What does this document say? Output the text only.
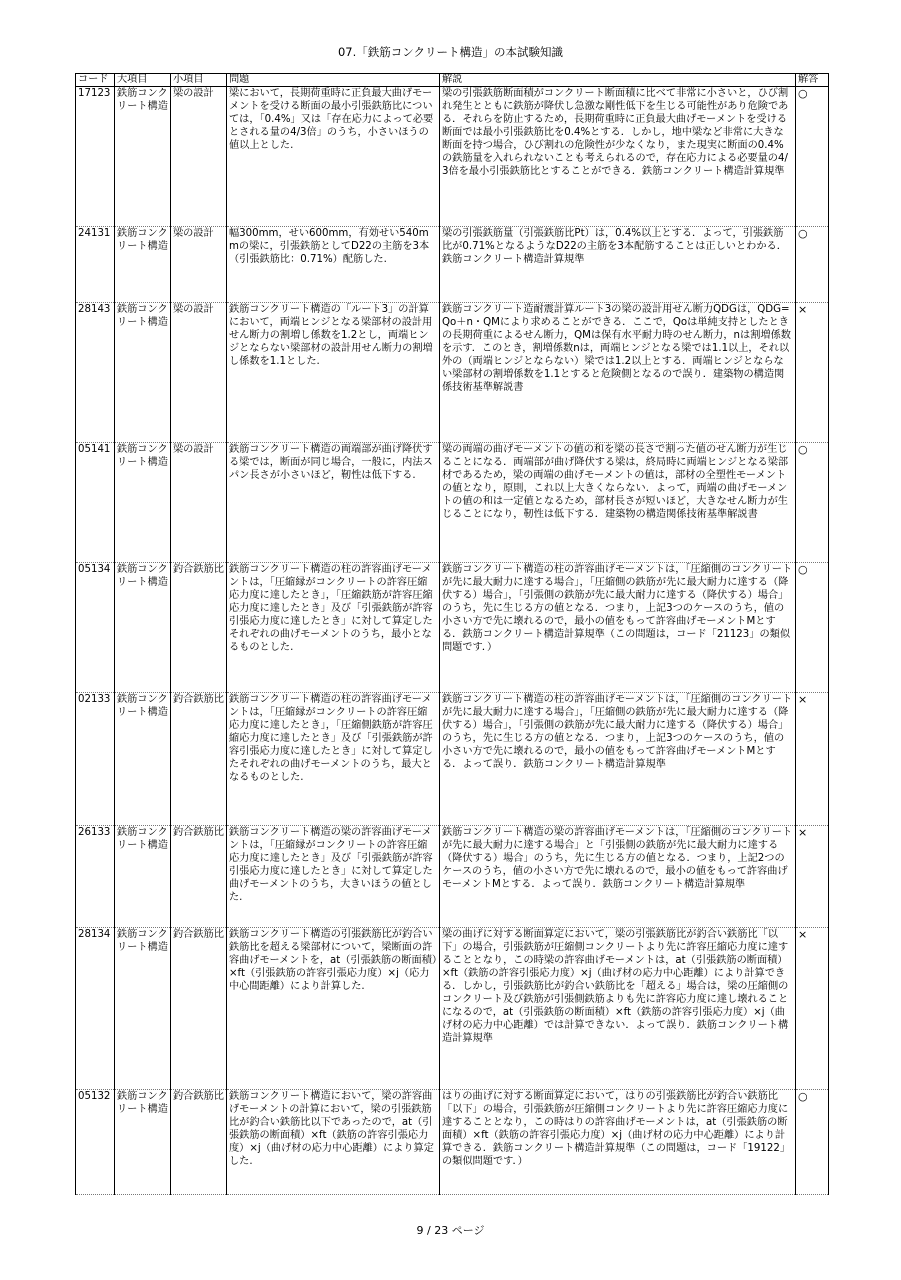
07.「鉄筋コンクリート構造」の本試験知識
コード	大項目	小項目	問題	解説	解答
17123	鉄筋コンクリート構造	梁の設計	梁において，長期荷重時に正負最大曲げモーメントを受ける断面の最小引張鉄筋比については，「0.4%」又は「存在応力によって必要とされる量の4/3倍」のうち，小さいほうの値以上とした.	梁の引張鉄筋断面積がコンクリート断面積に比べて非常に小さいと，ひび割れ発生とともに鉄筋が降伏し急激な剛性低下を生じる可能性があり危険である．それらを防止するため，長期荷重時に正負最大曲げモーメントを受ける断面では最小引張鉄筋比を0.4%とする．しかし，地中梁など非常に大きな断面を持つ場合，ひび割れの危険性が少なくなり，また現実に断面の0.4%の鉄筋量を入れられないことも考えられるので，存在応力による必要量の4/3倍を最小引張鉄筋比とすることができる．鉄筋コンクリート構造計算規準	○
24131	鉄筋コンクリート構造	梁の設計	幅300mm，せい600mm，有効せい540mmの梁に，引張鉄筋としてD22の主筋を3本（引張鉄筋比：0.71%）配筋した.	梁の引張鉄筋量（引張鉄筋比Pt）は，0.4%以上とする．よって，引張鉄筋比が0.71%となるようなD22の主筋を3本配筋することは正しいとわかる．鉄筋コンクリート構造計算規準	○
28143	鉄筋コンクリート構造	梁の設計	鉄筋コンクリート構造の「ルート3」の計算において，両端ヒンジとなる梁部材の設計用せん断力の割増し係数を1.2とし，両端ヒンジとならない梁部材の設計用せん断力の割増し係数を1.1とした.	鉄筋コンクリート造耐震計算ルート3の梁の設計用せん断力QDGは，QDG=Qo＋n・QMにより求めることができる．ここで，Qoは単純支持としたときの長期荷重によるせん断力，QMは保有水平耐力時のせん断力，nは割増係数を示す．このとき，割増係数nは，両端ヒンジとなる梁では1.1以上，それ以外の（両端ヒンジとならない）梁では1.2以上とする．両端ヒンジとならない梁部材の割増係数を1.1とすると危険側となるので誤り．建築物の構造関係技術基準解説書	×
05141	鉄筋コンクリート構造	梁の設計	鉄筋コンクリート構造の両端部が曲げ降伏する梁では，断面が同じ場合，一般に，内法スパン長さが小さいほど，靭性は低下する.	梁の両端の曲げモーメントの値の和を梁の長さで割った値のせん断力が生じることになる．両端部が曲げ降伏する梁は，終局時に両端ヒンジとなる梁部材であるため，梁の両端の曲げモーメントの値は，部材の全塑性モーメントの値となり，原則，これ以上大きくならない．よって，両端の曲げモーメントの値の和は一定値となるため，部材長さが短いほど，大きなせん断力が生じることになり，靭性は低下する．建築物の構造関係技術基準解説書	○
05134	鉄筋コンクリート構造	釣合鉄筋比	鉄筋コンクリート構造の柱の許容曲げモーメントは，「圧縮縁がコンクリートの許容圧縮応力度に達したとき」，「圧縮鉄筋が許容圧縮応力度に達したとき」及び「引張鉄筋が許容引張応力度に達したとき」に対して算定したそれぞれの曲げモーメントのうち，最小となるものとした.	鉄筋コンクリート構造の柱の許容曲げモーメントは，「圧縮側のコンクリートが先に最大耐力に達する場合」，「圧縮側の鉄筋が先に最大耐力に達する（降伏する）場合」，「引張側の鉄筋が先に最大耐力に達する（降伏する）場合」のうち，先に生じる方の値となる．つまり，上記3つのケースのうち，値の小さい方で先に壊れるので，最小の値をもって許容曲げモーメントMとする．鉄筋コンクリート構造計算規準（この問題は，コード「21123」の類似問題です．）	○
02133	鉄筋コンクリート構造	釣合鉄筋比	鉄筋コンクリート構造の柱の許容曲げモーメントは，「圧縮縁がコンクリートの許容圧縮応力度に達したとき」，「圧縮側鉄筋が許容圧縮応力度に達したとき」及び「引張鉄筋が許容引張応力度に達したとき」に対して算定したそれぞれの曲げモーメントのうち，最大となるものとした.	鉄筋コンクリート構造の柱の許容曲げモーメントは，「圧縮側のコンクリートが先に最大耐力に達する場合」，「圧縮側の鉄筋が先に最大耐力に達する（降伏する）場合」，「引張側の鉄筋が先に最大耐力に達する（降伏する）場合」のうち，先に生じる方の値となる．つまり，上記3つのケースのうち，値の小さい方で先に壊れるので，最小の値をもって許容曲げモーメントMとする．よって誤り．鉄筋コンクリート構造計算規準	×
26133	鉄筋コンクリート構造	釣合鉄筋比	鉄筋コンクリート構造の梁の許容曲げモーメントは，「圧縮縁がコンクリートの許容圧縮応力度に達したとき」及び「引張鉄筋が許容引張応力度に達したとき」に対して算定した曲げモーメントのうち，大きいほうの値とした.	鉄筋コンクリート構造の梁の許容曲げモーメントは，「圧縮側のコンクリートが先に最大耐力に達する場合」と「引張側の鉄筋が先に最大耐力に達する（降伏する）場合」のうち，先に生じる方の値となる．つまり，上記2つのケースのうち，値の小さい方で先に壊れるので，最小の値をもって許容曲げモーメントMとする．よって誤り．鉄筋コンクリート構造計算規準	×
28134	鉄筋コンクリート構造	釣合鉄筋比	鉄筋コンクリート構造の引張鉄筋比が釣合い鉄筋比を超える梁部材について，梁断面の許容曲げモーメントを，at（引張鉄筋の断面積）×ft（引張鉄筋の許容引張応力度）×j（応力中心間距離）により計算した.	梁の曲げに対する断面算定において，梁の引張鉄筋比が釣合い鉄筋比「以下」の場合，引張鉄筋が圧縮側コンクリートより先に許容圧縮応力度に達することとなり，この時梁の許容曲げモーメントは，at（引張鉄筋の断面積）×ft（鉄筋の許容引張応力度）×j（曲げ材の応力中心距離）により計算できる．しかし，引張鉄筋比が釣合い鉄筋比を「超える」場合は，梁の圧縮側のコンクリート及び鉄筋が引張側鉄筋よりも先に許容応力度に達し壊れることになるので，at（引張鉄筋の断面積）×ft（鉄筋の許容引張応力度）×j（曲げ材の応力中心距離）では計算できない．よって誤り．鉄筋コンクリート構造計算規準	×
05132	鉄筋コンクリート構造	釣合鉄筋比	鉄筋コンクリート構造において，梁の許容曲げモーメントの計算において，梁の引張鉄筋比が釣合い鉄筋比以下であったので，at（引張鉄筋の断面積）×ft（鉄筋の許容引張応力度）×j（曲げ材の応力中心距離）により算定した.	はりの曲げに対する断面算定において，はりの引張鉄筋比が釣合い鉄筋比「以下」の場合，引張鉄筋が圧縮側コンクリートより先に許容圧縮応力度に達することとなり，この時はりの許容曲げモーメントは，at（引張鉄筋の断面積）×ft（鉄筋の許容引張応力度）×j（曲げ材の応力中心距離）により計算できる．鉄筋コンクリート構造計算規準（この問題は，コード「19122」の類似問題です．）	○
9 / 23 ページ
